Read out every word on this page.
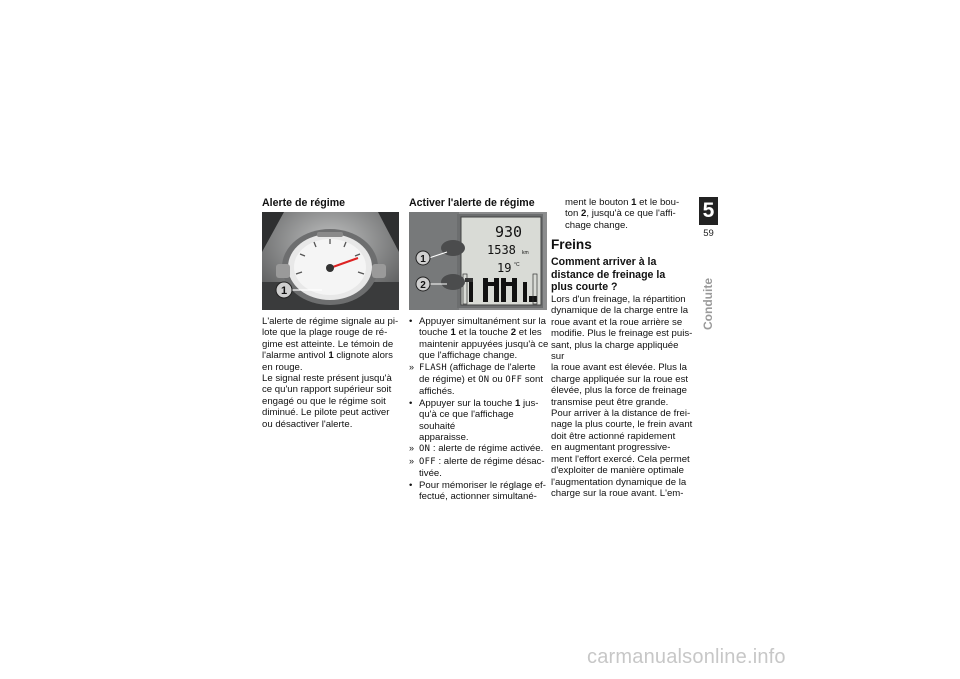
Alerte de régime
1

L'alerte de régime signale au pi-

lote que la plage rouge de ré-

gime est atteinte. Le témoin de

l'alarme antivol 1 clignote alors

en rouge.

Le signal reste présent jusqu'à

ce qu'un rapport supérieur soit

engagé ou que le régime soit

diminué. Le pilote peut activer

ou désactiver l'alerte.

Activer l'alerte de régime
930
1538 km
19 °C
1
2

• Appuyer simultanément sur la

touche 1 et la touche 2 et les

maintenir appuyées jusqu'à ce

que l'affichage change.

» FLASH (affichage de l'alerte

de régime) et ON ou OFF sont

affichés.

• Appuyer sur la touche 1 jus-

qu'à ce que l'affichage souhaité

apparaisse.

» ON : alerte de régime activée.

» OFF : alerte de régime désac-

tivée.

• Pour mémoriser le réglage ef-

fectué, actionner simultané-

ment le bouton 1 et le bou-

ton 2, jusqu'à ce que l'affi-

chage change.

Freins

Comment arriver à la

distance de freinage la

plus courte ?

Lors d'un freinage, la répartition

dynamique de la charge entre la

roue avant et la roue arrière se

modifie. Plus le freinage est puis-

sant, plus la charge appliquée sur

la roue avant est élevée. Plus la

charge appliquée sur la roue est

élevée, plus la force de freinage

transmise peut être grande.

Pour arriver à la distance de frei-

nage la plus courte, le frein avant

doit être actionné rapidement

en augmentant progressive-

ment l'effort exercé. Cela permet

d'exploiter de manière optimale

l'augmentation dynamique de la

charge sur la roue avant. L'em-

5
59
Conduite
carmanualsonline.info
